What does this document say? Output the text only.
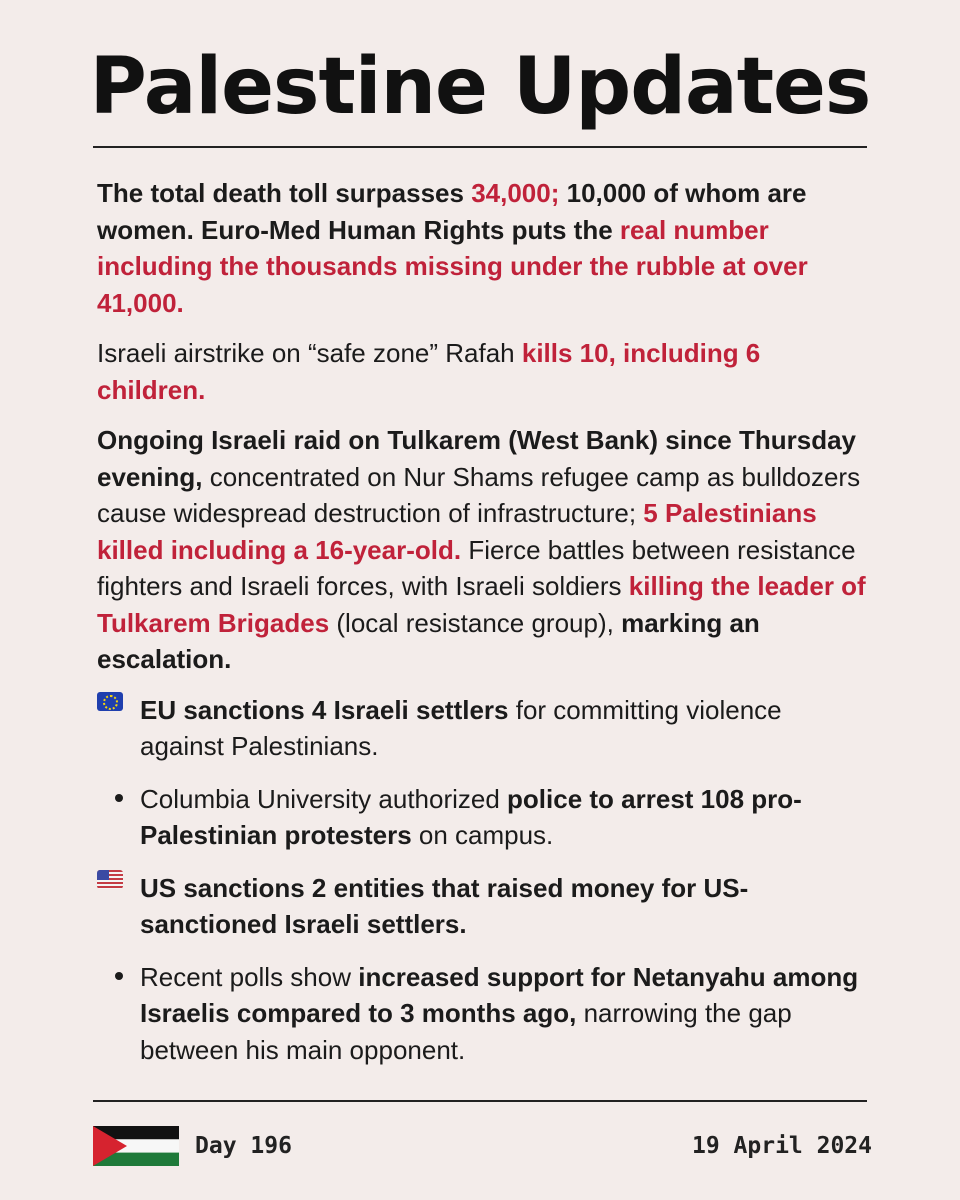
Palestine Updates

The total death toll surpasses 34,000; 10,000 of whom are women. Euro-Med Human Rights puts the real number including the thousands missing under the rubble at over 41,000.

Israeli airstrike on “safe zone” Rafah kills 10, including 6 children.

Ongoing Israeli raid on Tulkarem (West Bank) since Thursday evening, concentrated on Nur Shams refugee camp as bulldozers cause widespread destruction of infrastructure; 5 Palestinians killed including a 16-year-old. Fierce battles between resistance fighters and Israeli forces, with Israeli soldiers killing the leader of Tulkarem Brigades (local resistance group), marking an escalation.

EU sanctions 4 Israeli settlers for committing violence against Palestinians.
Columbia University authorized police to arrest 108 pro-Palestinian protesters on campus.
US sanctions 2 entities that raised money for US-sanctioned Israeli settlers.
Recent polls show increased support for Netanyahu among Israelis compared to 3 months ago, narrowing the gap between his main opponent.
Day 196	19 April 2024
